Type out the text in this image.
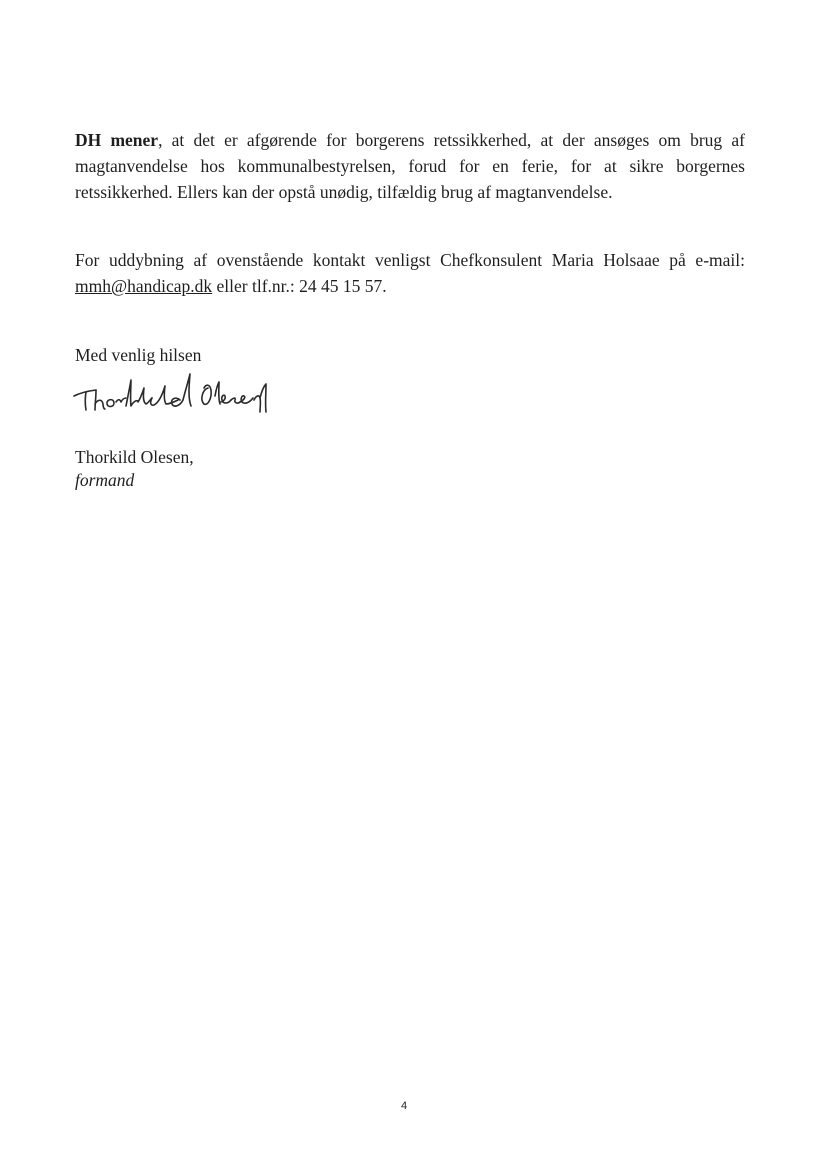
DH mener, at det er afgørende for borgerens retssikkerhed, at der ansøges om brug af magtanvendelse hos kommunalbestyrelsen, forud for en ferie, for at sikre borgernes retssikkerhed. Ellers kan der opstå unødig, tilfældig brug af magtanvendelse.

For uddybning af ovenstående kontakt venligst Chefkonsulent Maria Holsaae på e-mail: mmh@handicap.dk eller tlf.nr.: 24 45 15 57.

Med venlig hilsen
Thorkild Olesen,
formand
4
